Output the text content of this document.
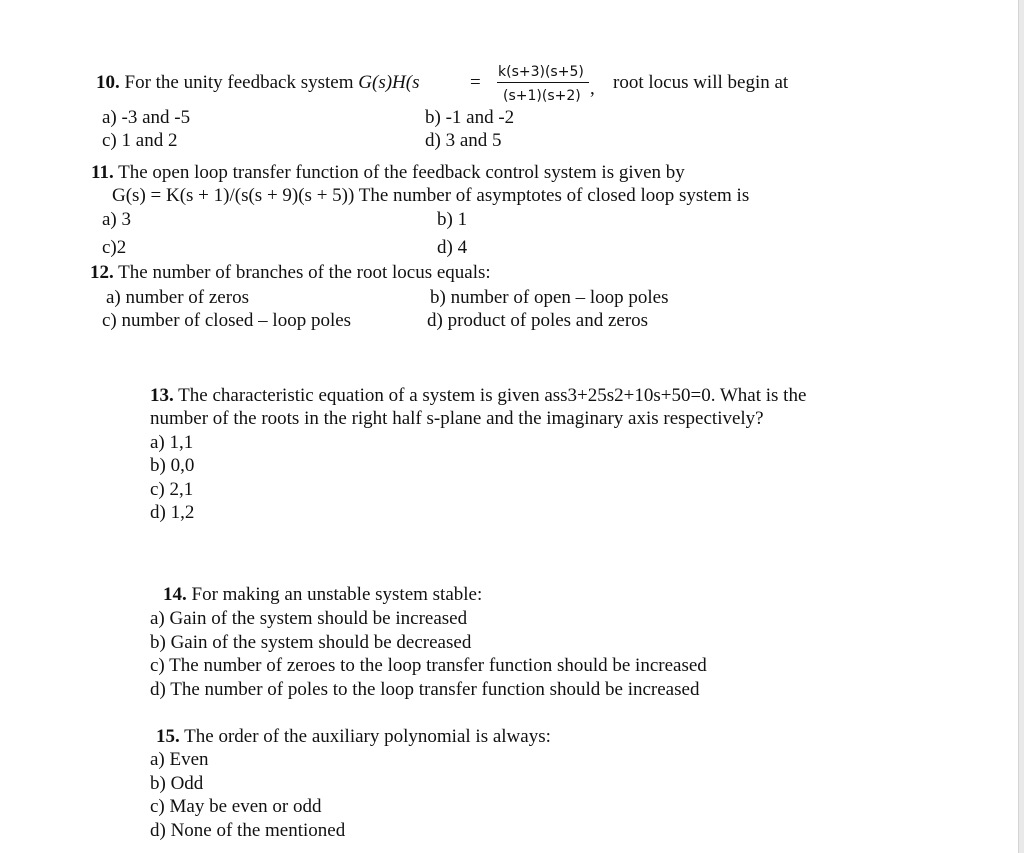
10. For the unity feedback system G(s)H(s	= k(s+3)(s+5)
(s+1)(s+2) , root locus will begin at
a) -3 and -5	b) -1 and -2
c) 1 and 2	d) 3 and 5
11. The open loop transfer function of the feedback control system is given by
G(s) = K(s + 1)/(s(s + 9)(s + 5)) The number of asymptotes of closed loop system is
a) 3	b) 1
c)2	d) 4
12. The number of branches of the root locus equals:
a) number of zeros	b) number of open – loop poles
c) number of closed – loop poles	d) product of poles and zeros
13. The characteristic equation of a system is given ass3+25s2+10s+50=0. What is the
number of the roots in the right half s-plane and the imaginary axis respectively?
a) 1,1
b) 0,0
c) 2,1
d) 1,2
14. For making an unstable system stable:
a) Gain of the system should be increased
b) Gain of the system should be decreased
c) The number of zeroes to the loop transfer function should be increased
d) The number of poles to the loop transfer function should be increased
15. The order of the auxiliary polynomial is always:
a) Even
b) Odd
c) May be even or odd
d) None of the mentioned
